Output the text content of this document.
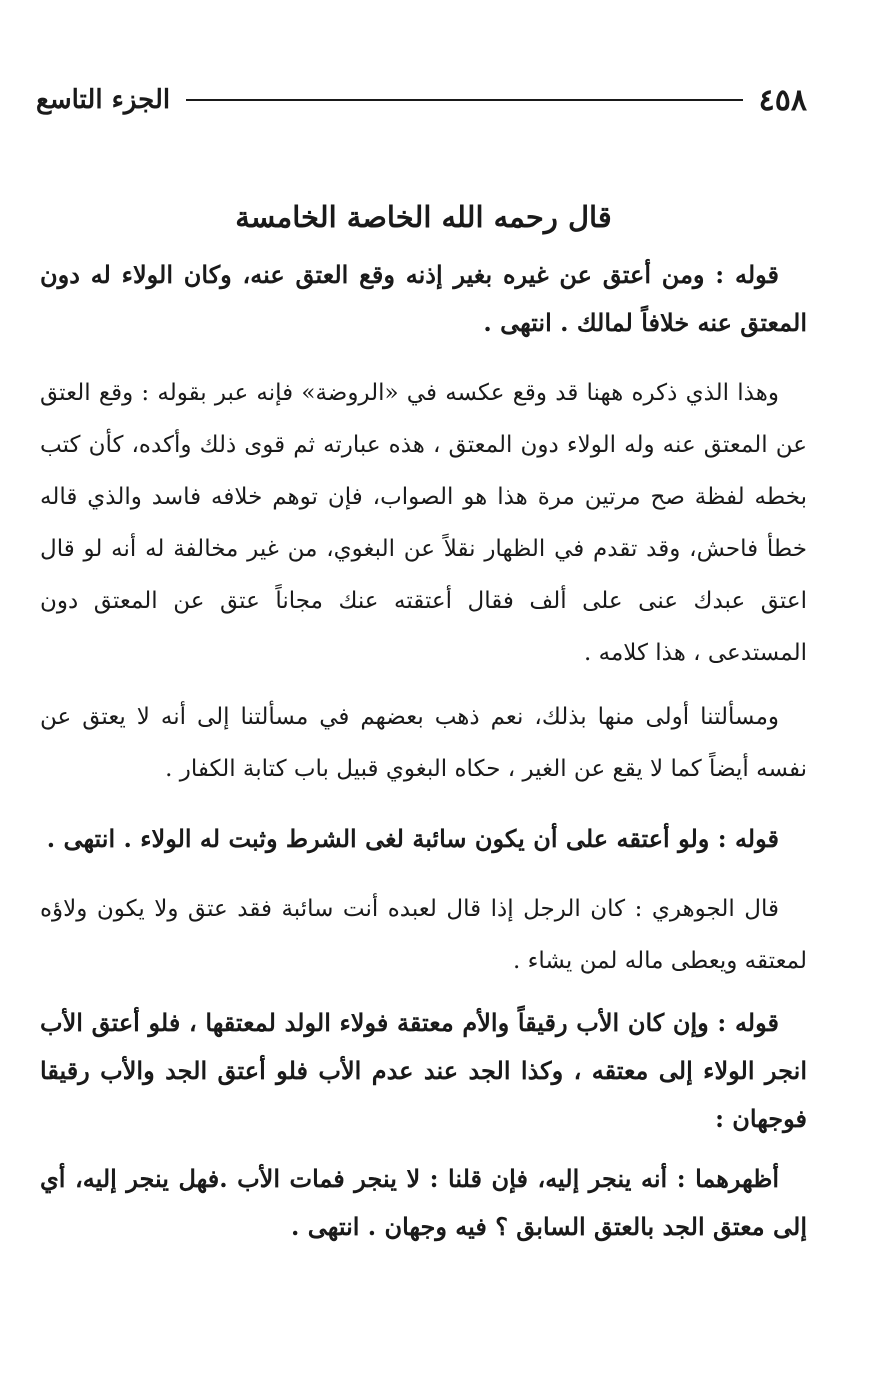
٤٥٨
الجزء التاسع
قال رحمه الله الخاصة الخامسة

قوله : ومن أعتق عن غيره بغير إذنه وقع العتق عنه، وكان الولاء له دون المعتق عنه خلافاً لمالك . انتهى .

وهذا الذي ذكره ههنا قد وقع عكسه في «الروضة» فإنه عبر بقوله : وقع العتق عن المعتق عنه وله الولاء دون المعتق ، هذه عبارته ثم قوى ذلك وأكده، كأن كتب بخطه لفظة صح مرتين مرة هذا هو الصواب، فإن توهم خلافه فاسد والذي قاله خطأ فاحش، وقد تقدم في الظهار نقلاً عن البغوي، من غير مخالفة له أنه لو قال اعتق عبدك عنى على ألف فقال أعتقته عنك مجاناً عتق عن المعتق دون المستدعى ، هذا كلامه .

ومسألتنا أولى منها بذلك، نعم ذهب بعضهم في مسألتنا إلى أنه لا يعتق عن نفسه أيضاً كما لا يقع عن الغير ، حكاه البغوي قبيل باب كتابة الكفار .

قوله : ولو أعتقه على أن يكون سائبة لغى الشرط وثبت له الولاء . انتهى .

قال الجوهري : كان الرجل إذا قال لعبده أنت سائبة فقد عتق ولا يكون ولاؤه لمعتقه ويعطى ماله لمن يشاء .

قوله : وإن كان الأب رقيقاً والأم معتقة فولاء الولد لمعتقها ، فلو أعتق الأب انجر الولاء إلى معتقه ، وكذا الجد عند عدم الأب فلو أعتق الجد والأب رقيقا فوجهان :

أظهرهما : أنه ينجر إليه، فإن قلنا : لا ينجر فمات الأب .فهل ينجر إليه، أي إلى معتق الجد بالعتق السابق ؟ فيه وجهان . انتهى .
